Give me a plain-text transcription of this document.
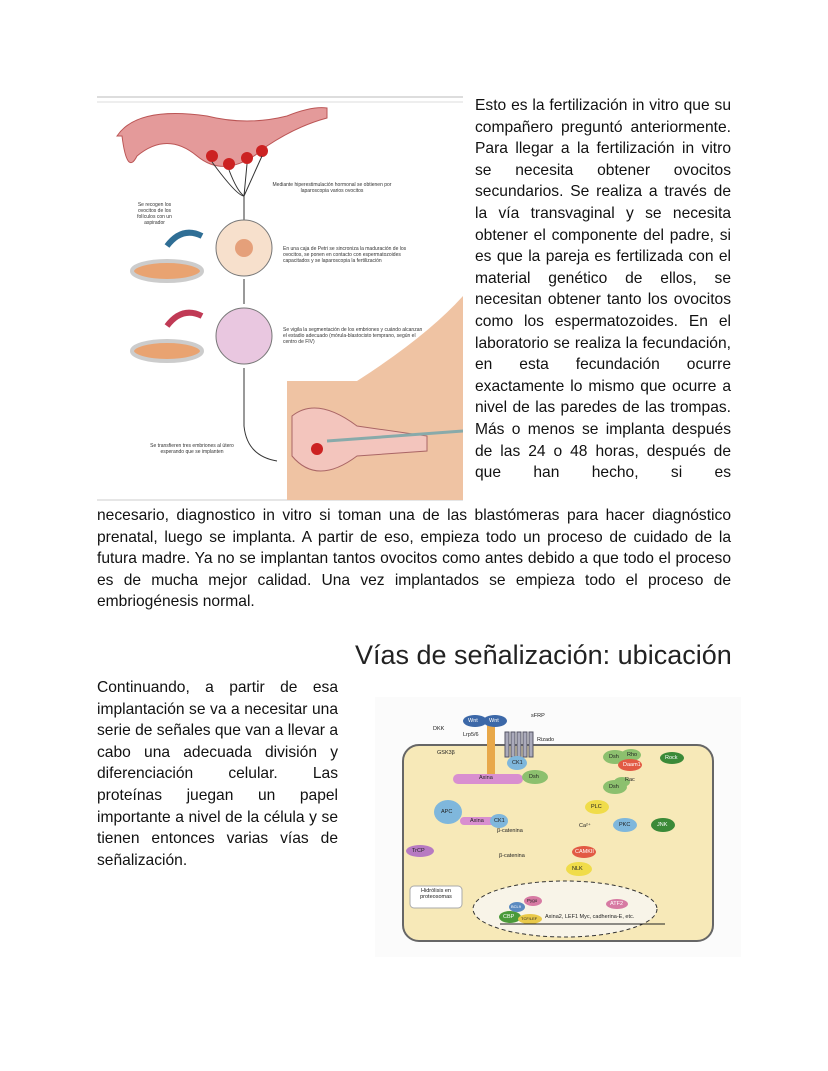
Mediante hiperestimulación hormonal se obtienen por laparoscopia varios ovocitos
Se recogen los ovocitos de los folículos con un aspirador
En una caja de Petri se sincroniza la maduración de los ovocitos, se ponen en contacto con espermatozoides capacitados y se laparoscopia la fertilización
Se vigila la segmentación de los embriones y cuándo alcanzan el estadio adecuado (mórula-blastocisto temprano, según el centro de FIV)
Se transfieren tres embriones al útero esperando que se implanten
Esto es la fertilización in vitro que su compañero preguntó anteriormente. Para llegar a la fertilización in vitro se necesita obtener ovocitos secundarios. Se realiza a través de la vía transvaginal y se necesita obtener el componente del padre, si es que la pareja es fertilizada con el material genético de ellos, se necesitan obtener tanto los ovocitos como los espermatozoides. En el laboratorio se realiza la fecundación, en esta fecundación ocurre exactamente lo mismo que ocurre a nivel de las paredes de las trompas. Más o menos se implanta después de las 24 o 48 horas, después de que han hecho, si es
necesario, diagnostico in vitro si toman una de las blastómeras para hacer diagnóstico prenatal, luego se implanta. A partir de eso, empieza todo un proceso de cuidado de la futura madre. Ya no se implantan tantos ovocitos como antes debido a que todo el proceso es de mucha mejor calidad. Una vez implantados se empieza todo el proceso de embriogénesis normal.
Vías de señalización: ubicación
Continuando, a partir de esa implantación se va a necesitar una serie de señales que van a llevar a cabo una adecuada división y diferenciación celular. Las proteínas juegan un papel importante a nivel de la célula y se tienen entonces varias vías de señalización.
Wnt Wnt
sFRP
DKK
Lrp5/6
Rizado
GSK3β
CK1
Axina	Dsh
Dsh Rho
Daam1
Rock
Dsh
Rac
PLC
PKC	JNK
APC
Axina CK1
β-catenina
β-catenina
CAMKII
NLK
TrCP
Ca²⁺
Hidrólisis en proteosomas
CBP TCF/LEF
BCL9
Pygo
Axina2, LEF1 Myc, cadherina-E, etc.
ATF2
